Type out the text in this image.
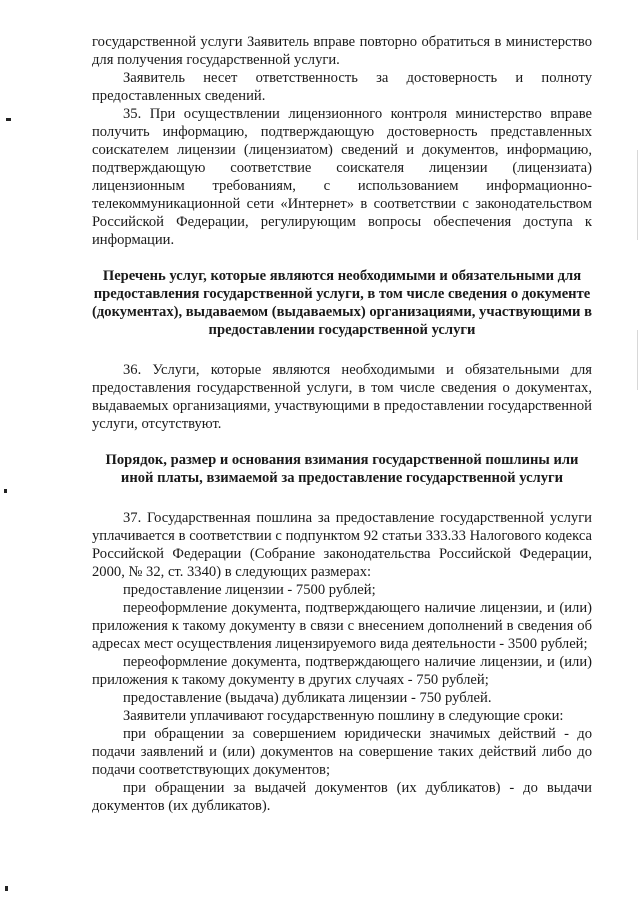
государственной услуги Заявитель вправе повторно обратиться в министерство для получения государственной услуги.

Заявитель несет ответственность за достоверность и полноту предоставленных сведений.

35. При осуществлении лицензионного контроля министерство вправе получить информацию, подтверждающую достоверность представленных соискателем лицензии (лицензиатом) сведений и документов, информацию, подтверждающую соответствие соискателя лицензии (лицензиата) лицензионным требованиям, с использованием информационно-телекоммуникационной сети «Интернет» в соответствии с законодательством Российской Федерации, регулирующим вопросы обеспечения доступа к информации.

Перечень услуг, которые являются необходимыми и обязательными для предоставления государственной услуги, в том числе сведения о документе (документах), выдаваемом (выдаваемых) организациями, участвующими в предоставлении государственной услуги

36. Услуги, которые являются необходимыми и обязательными для предоставления государственной услуги, в том числе сведения о документах, выдаваемых организациями, участвующими в предоставлении государственной услуги, отсутствуют.

Порядок, размер и основания взимания государственной пошлины или иной платы, взимаемой за предоставление государственной услуги

37. Государственная пошлина за предоставление государственной услуги уплачивается в соответствии с подпунктом 92 статьи 333.33 Налогового кодекса Российской Федерации (Собрание законодательства Российской Федерации, 2000, № 32, ст. 3340) в следующих размерах:

предоставление лицензии - 7500 рублей;

переоформление документа, подтверждающего наличие лицензии, и (или) приложения к такому документу в связи с внесением дополнений в сведения об адресах мест осуществления лицензируемого вида деятельности - 3500 рублей;

переоформление документа, подтверждающего наличие лицензии, и (или) приложения к такому документу в других случаях - 750 рублей;

предоставление (выдача) дубликата лицензии - 750 рублей.

Заявители уплачивают государственную пошлину в следующие сроки:

при обращении за совершением юридически значимых действий - до подачи заявлений и (или) документов на совершение таких действий либо до подачи соответствующих документов;

при обращении за выдачей документов (их дубликатов) - до выдачи документов (их дубликатов).
